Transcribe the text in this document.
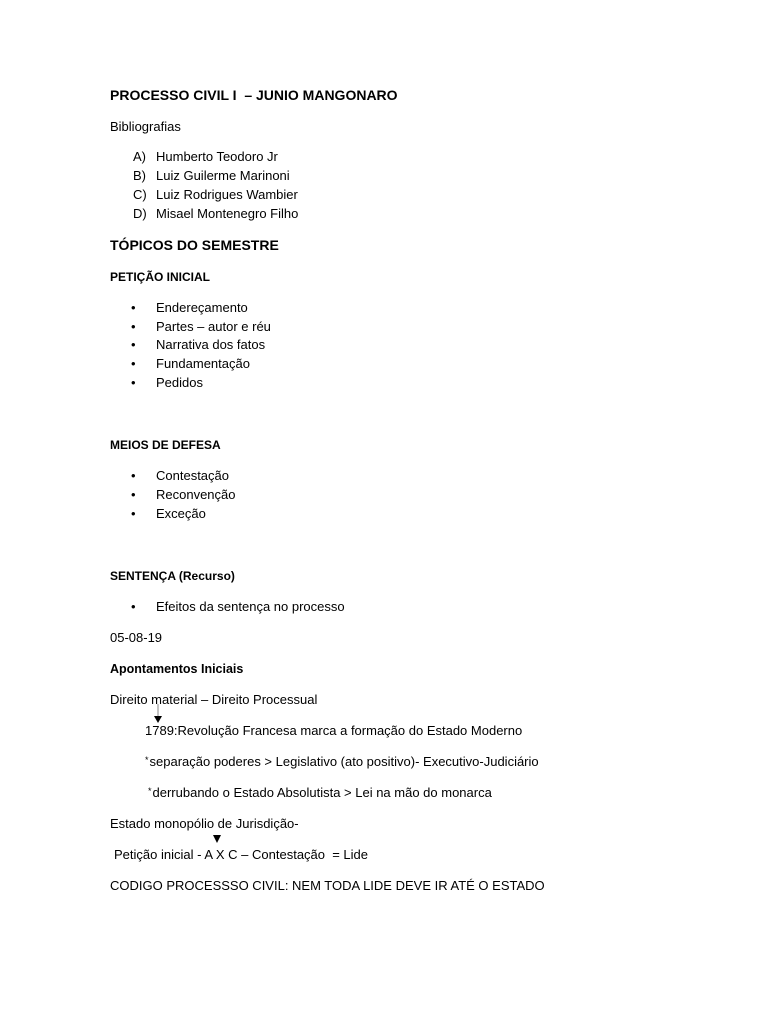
PROCESSO CIVIL I  – JUNIO MANGONARO
Bibliografias
A) Humberto Teodoro Jr
B) Luiz Guilerme Marinoni
C) Luiz Rodrigues Wambier
D) Misael Montenegro Filho
TÓPICOS DO SEMESTRE
PETIÇÃO INICIAL
• Endereçamento
• Partes – autor e réu
• Narrativa dos fatos
• Fundamentação
• Pedidos
MEIOS DE DEFESA
• Contestação
• Reconvenção
• Exceção
SENTENÇA (Recurso)
• Efeitos da sentença no processo
05-08-19
Apontamentos Iniciais
Direito material – Direito Processual
1789:Revolução Francesa marca a formação do Estado Moderno
*separação poderes > Legislativo (ato positivo)- Executivo-Judiciário
*derrubando o Estado Absolutista > Lei na mão do monarca
Estado monopólio de Jurisdição-
Petição inicial - A X C – Contestação  = Lide
CODIGO PROCESSSO CIVIL: NEM TODA LIDE DEVE IR ATÉ O ESTADO
